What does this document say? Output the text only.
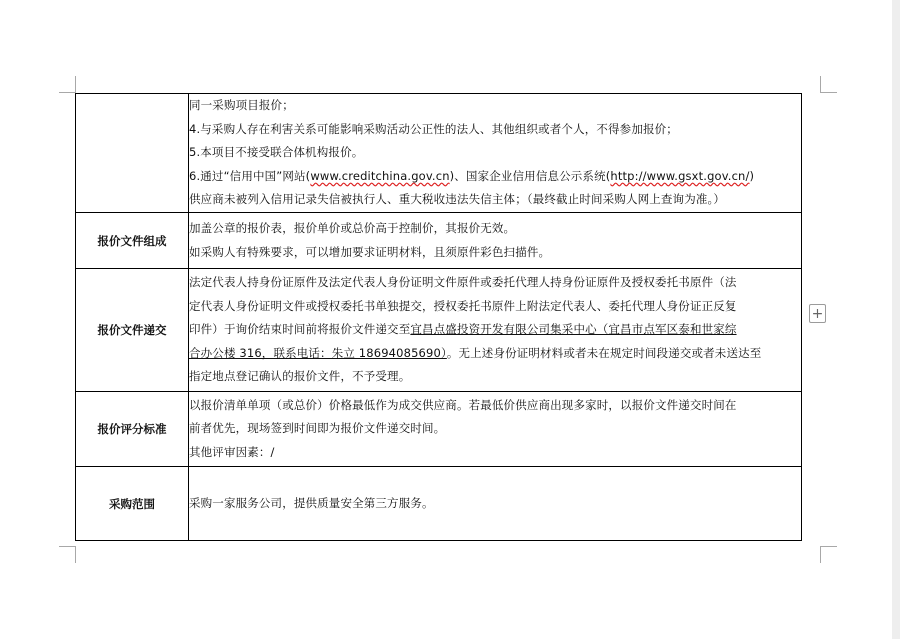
	同一采购项目报价；
4.与采购人存在利害关系可能影响采购活动公正性的法人、其他组织或者个人，不得参加报价；
5.本项目不接受联合体机构报价。
6.通过“信用中国”网站(www.creditchina.gov.cn)、国家企业信用信息公示系统(http://www.gsxt.gov.cn/)
供应商未被列入信用记录失信被执行人、重大税收违法失信主体；（最终截止时间采购人网上查询为准。）

报价文件组成	加盖公章的报价表，报价单价或总价高于控制价，其报价无效。
如采购人有特殊要求，可以增加要求证明材料，且须原件彩色扫描件。

报价文件递交	法定代表人持身份证原件及法定代表人身份证明文件原件或委托代理人持身份证原件及授权委托书原件（法
定代表人身份证明文件或授权委托书单独提交，授权委托书原件上附法定代表人、委托代理人身份证正反复
印件）于询价结束时间前将报价文件递交至宜昌点盛投资开发有限公司集采中心（宜昌市点军区泰和世家综
合办公楼 316，联系电话：朱立 18694085690）。无上述身份证明材料或者未在规定时间段递交或者未送达至
指定地点登记确认的报价文件，不予受理。

报价评分标准	以报价清单单项（或总价）价格最低作为成交供应商。若最低价供应商出现多家时，以报价文件递交时间在
前者优先，现场签到时间即为报价文件递交时间。
其他评审因素：/

采购范围	采购一家服务公司，提供质量安全第三方服务。
+
